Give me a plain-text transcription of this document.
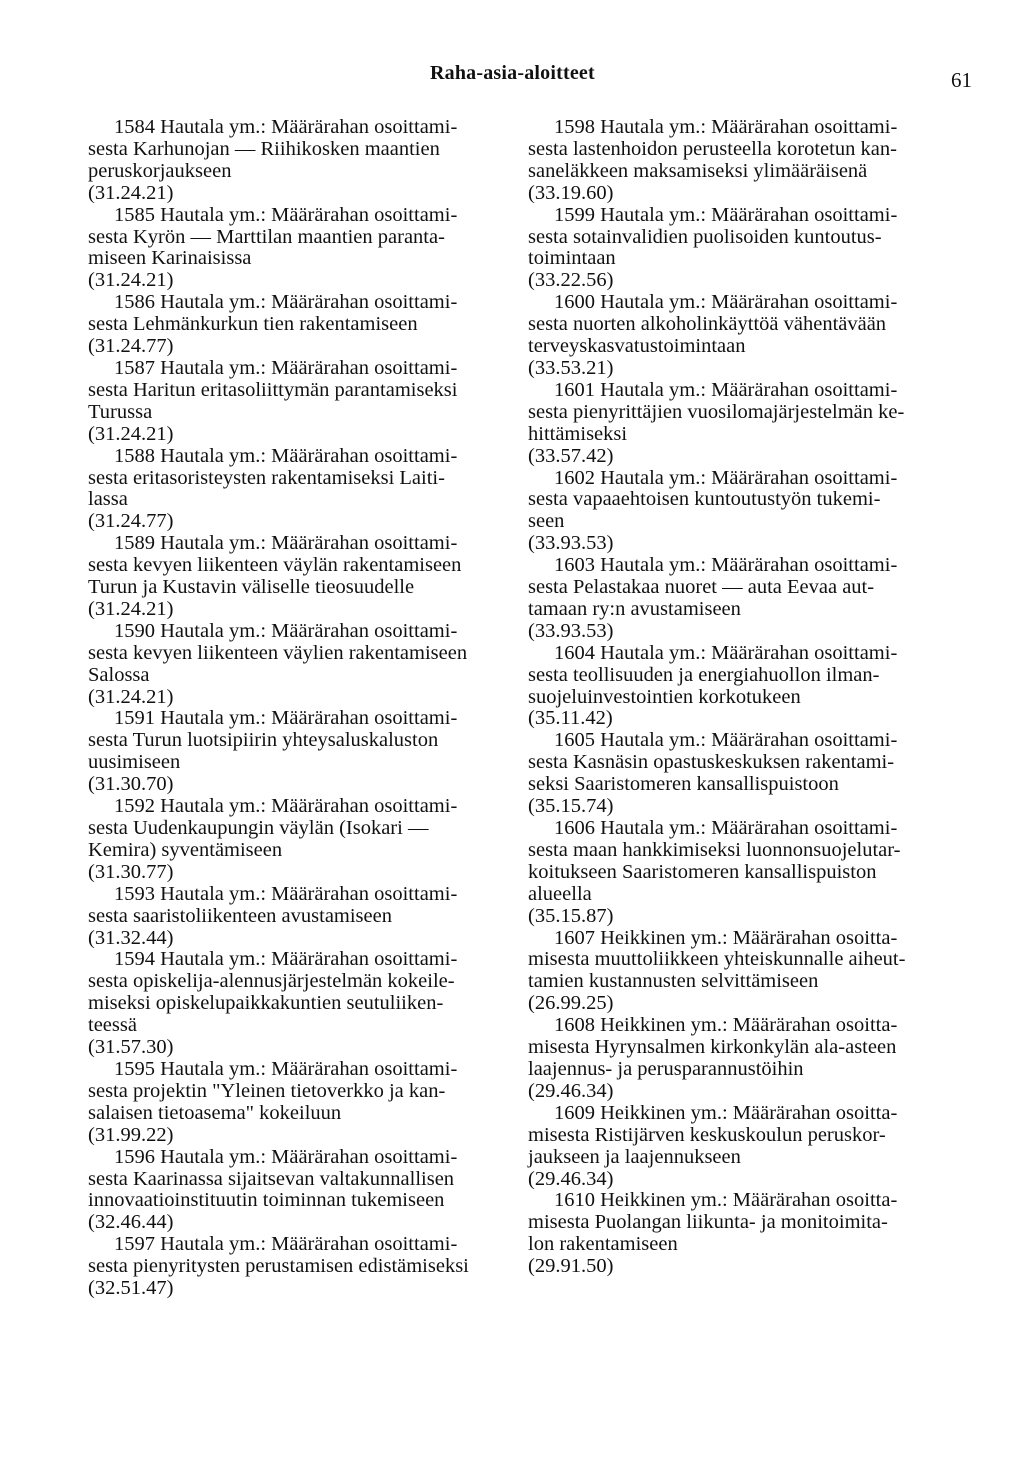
Raha-asia-aloitteet	61
1584 Hautala ym.: Määrärahan osoittami-
sesta Karhunojan — Riihikosken maantien
peruskorjaukseen
(31.24.21)
1585 Hautala ym.: Määrärahan osoittami-
sesta Kyrön — Marttilan maantien paranta-
miseen Karinaisissa
(31.24.21)
1586 Hautala ym.: Määrärahan osoittami-
sesta Lehmänkurkun tien rakentamiseen
(31.24.77)
1587 Hautala ym.: Määrärahan osoittami-
sesta Haritun eritasoliittymän parantamiseksi
Turussa
(31.24.21)
1588 Hautala ym.: Määrärahan osoittami-
sesta eritasoristeysten rakentamiseksi Laiti-
lassa
(31.24.77)
1589 Hautala ym.: Määrärahan osoittami-
sesta kevyen liikenteen väylän rakentamiseen
Turun ja Kustavin väliselle tieosuudelle
(31.24.21)
1590 Hautala ym.: Määrärahan osoittami-
sesta kevyen liikenteen väylien rakentamiseen
Salossa
(31.24.21)
1591 Hautala ym.: Määrärahan osoittami-
sesta Turun luotsipiirin yhteysaluskaluston
uusimiseen
(31.30.70)
1592 Hautala ym.: Määrärahan osoittami-
sesta Uudenkaupungin väylän (Isokari —
Kemira) syventämiseen
(31.30.77)
1593 Hautala ym.: Määrärahan osoittami-
sesta saaristoliikenteen avustamiseen
(31.32.44)
1594 Hautala ym.: Määrärahan osoittami-
sesta opiskelija-alennusjärjestelmän kokeile-
miseksi opiskelupaikkakuntien seutuliiken-
teessä
(31.57.30)
1595 Hautala ym.: Määrärahan osoittami-
sesta projektin "Yleinen tietoverkko ja kan-
salaisen tietoasema" kokeiluun
(31.99.22)
1596 Hautala ym.: Määrärahan osoittami-
sesta Kaarinassa sijaitsevan valtakunnallisen
innovaatioinstituutin toiminnan tukemiseen
(32.46.44)
1597 Hautala ym.: Määrärahan osoittami-
sesta pienyritysten perustamisen edistämiseksi
(32.51.47)
1598 Hautala ym.: Määrärahan osoittami-
sesta lastenhoidon perusteella korotetun kan-
saneläkkeen maksamiseksi ylimääräisenä
(33.19.60)
1599 Hautala ym.: Määrärahan osoittami-
sesta sotainvalidien puolisoiden kuntoutus-
toimintaan
(33.22.56)
1600 Hautala ym.: Määrärahan osoittami-
sesta nuorten alkoholinkäyttöä vähentävään
terveyskasvatustoimintaan
(33.53.21)
1601 Hautala ym.: Määrärahan osoittami-
sesta pienyrittäjien vuosilomajärjestelmän ke-
hittämiseksi
(33.57.42)
1602 Hautala ym.: Määrärahan osoittami-
sesta vapaaehtoisen kuntoutustyön tukemi-
seen
(33.93.53)
1603 Hautala ym.: Määrärahan osoittami-
sesta Pelastakaa nuoret — auta Eevaa aut-
tamaan ry:n avustamiseen
(33.93.53)
1604 Hautala ym.: Määrärahan osoittami-
sesta teollisuuden ja energiahuollon ilman-
suojeluinvestointien korkotukeen
(35.11.42)
1605 Hautala ym.: Määrärahan osoittami-
sesta Kasnäsin opastuskeskuksen rakentami-
seksi Saaristomeren kansallispuistoon
(35.15.74)
1606 Hautala ym.: Määrärahan osoittami-
sesta maan hankkimiseksi luonnonsuojelutar-
koitukseen Saaristomeren kansallispuiston
alueella
(35.15.87)
1607 Heikkinen ym.: Määrärahan osoitta-
misesta muuttoliikkeen yhteiskunnalle aiheut-
tamien kustannusten selvittämiseen
(26.99.25)
1608 Heikkinen ym.: Määrärahan osoitta-
misesta Hyrynsalmen kirkonkylän ala-asteen
laajennus- ja perusparannustöihin
(29.46.34)
1609 Heikkinen ym.: Määrärahan osoitta-
misesta Ristijärven keskuskoulun peruskor-
jaukseen ja laajennukseen
(29.46.34)
1610 Heikkinen ym.: Määrärahan osoitta-
misesta Puolangan liikunta- ja monitoimita-
lon rakentamiseen
(29.91.50)
